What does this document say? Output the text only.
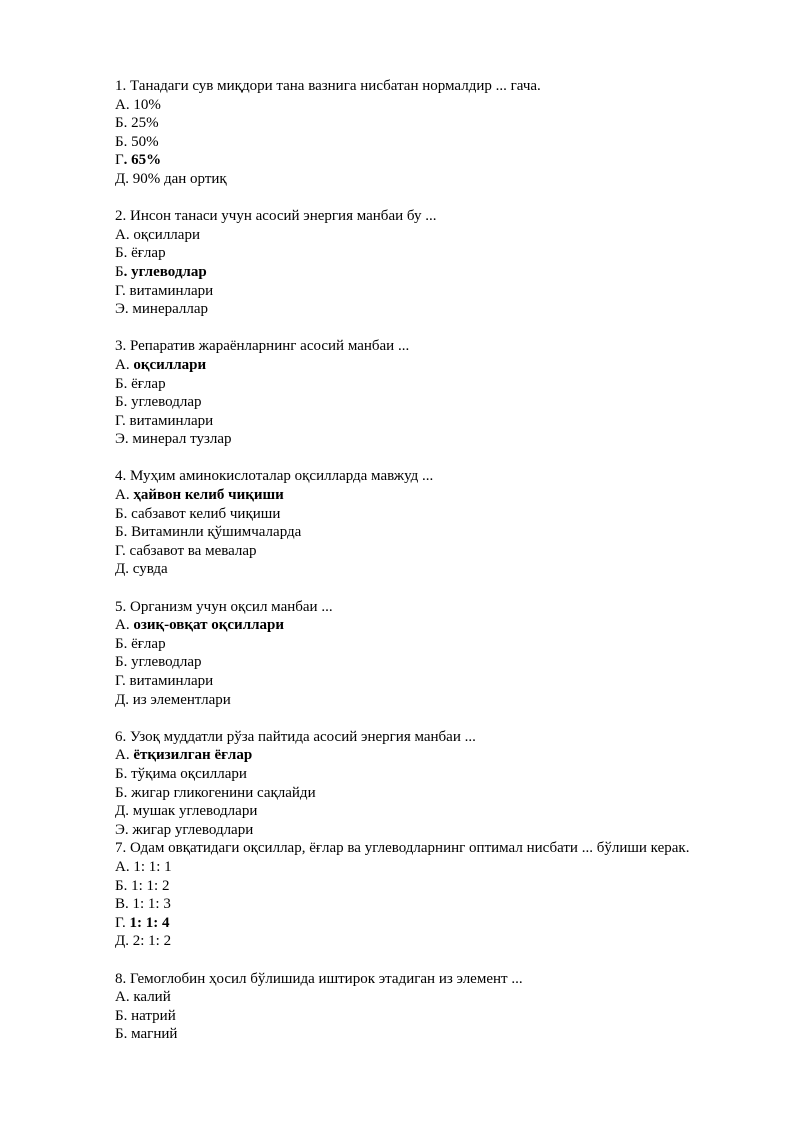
1. Танадаги сув миқдори тана вазнига нисбатан нормалдир ... гача.
А. 10%
Б. 25%
Б. 50%
Г. 65%
Д. 90% дан ортиқ
2. Инсон танаси учун асосий энергия манбаи бу ...
А. оқсиллари
Б. ёғлар
Б. углеводлар
Г. витаминлари
Э. минераллар
3. Репаратив жараёнларнинг асосий манбаи ...
А. оқсиллари
Б. ёғлар
Б. углеводлар
Г. витаминлари
Э. минерал тузлар
4. Муҳим аминокислоталар оқсилларда мавжуд ...
А. ҳайвон келиб чиқиши
Б. сабзавот келиб чиқиши
Б. Витаминли қўшимчаларда
Г. сабзавот ва мевалар
Д. сувда
5. Организм учун оқсил манбаи ...
А. озиқ-овқат оқсиллари
Б. ёғлар
Б. углеводлар
Г. витаминлари
Д. из элементлари
6. Узоқ муддатли рўза пайтида асосий энергия манбаи ...
А. ётқизилган ёғлар
Б. тўқима оқсиллари
Б. жигар гликогенини сақлайди
Д. мушак углеводлари
Э. жигар углеводлари
7. Одам овқатидаги оқсиллар, ёғлар ва углеводларнинг оптимал нисбати ... бўлиши керак.
А. 1: 1: 1
Б. 1: 1: 2
В. 1: 1: 3
Г. 1: 1: 4
Д. 2: 1: 2
8. Гемоглобин ҳосил бўлишида иштирок этадиган из элемент ...
А. калий
Б. натрий
Б. магний
